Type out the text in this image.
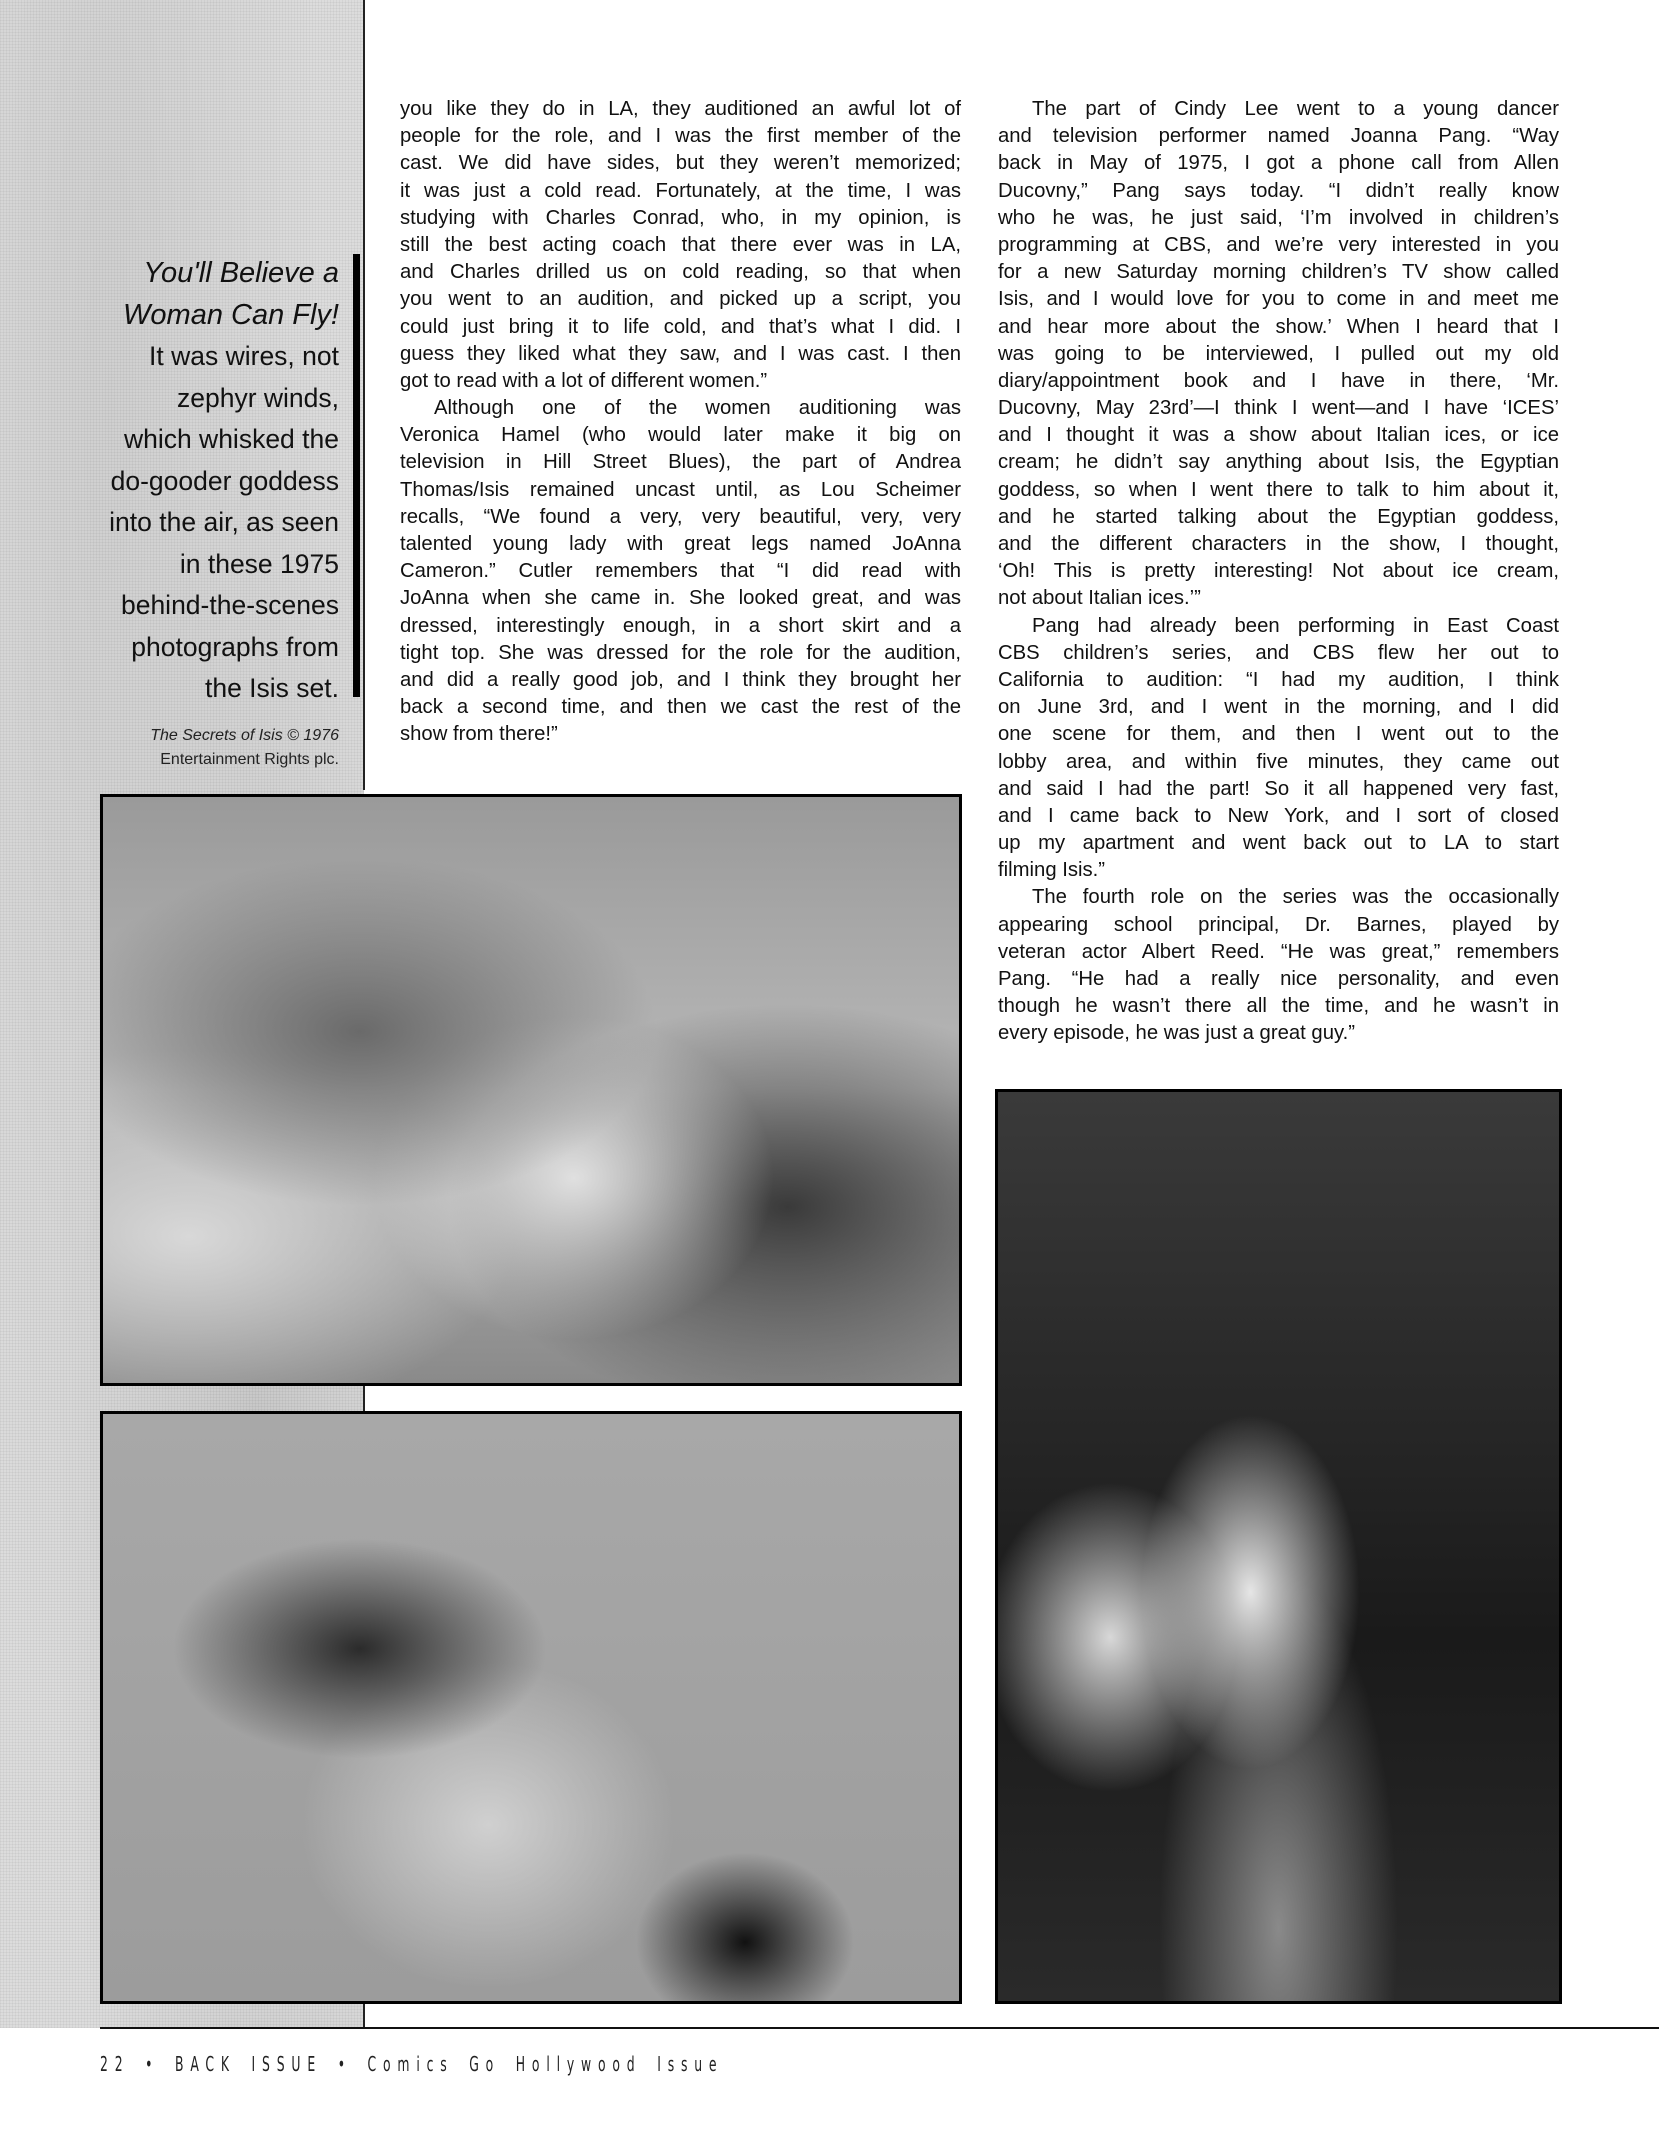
You'll Believe a
Woman Can Fly!
It was wires, not
zephyr winds,
which whisked the
do-gooder goddess
into the air, as seen
in these 1975
behind-the-scenes
photographs from
the Isis set.
The Secrets of Isis © 1976
Entertainment Rights plc.
you like they do in LA, they auditioned an awful lot of
people for the role, and I was the first member of the
cast. We did have sides, but they weren’t memorized;
it was just a cold read. Fortunately, at the time, I was
studying with Charles Conrad, who, in my opinion, is
still the best acting coach that there ever was in LA,
and Charles drilled us on cold reading, so that when
you went to an audition, and picked up a script, you
could just bring it to life cold, and that’s what I did. I
guess they liked what they saw, and I was cast. I then
got to read with a lot of different women.”
Although one of the women auditioning was
Veronica Hamel (who would later make it big on
television in Hill Street Blues), the part of Andrea
Thomas/Isis remained uncast until, as Lou Scheimer
recalls, “We found a very, very beautiful, very, very
talented young lady with great legs named JoAnna
Cameron.” Cutler remembers that “I did read with
JoAnna when she came in. She looked great, and was
dressed, interestingly enough, in a short skirt and a
tight top. She was dressed for the role for the audition,
and did a really good job, and I think they brought her
back a second time, and then we cast the rest of the
show from there!”
The part of Cindy Lee went to a young dancer
and television performer named Joanna Pang. “Way
back in May of 1975, I got a phone call from Allen
Ducovny,” Pang says today. “I didn’t really know
who he was, he just said, ‘I’m involved in children’s
programming at CBS, and we’re very interested in you
for a new Saturday morning children’s TV show called
Isis, and I would love for you to come in and meet me
and hear more about the show.’ When I heard that I
was going to be interviewed, I pulled out my old
diary/appointment book and I have in there, ‘Mr.
Ducovny, May 23rd’—I think I went—and I have ‘ICES’
and I thought it was a show about Italian ices, or ice
cream; he didn’t say anything about Isis, the Egyptian
goddess, so when I went there to talk to him about it,
and he started talking about the Egyptian goddess,
and the different characters in the show, I thought,
‘Oh! This is pretty interesting! Not about ice cream,
not about Italian ices.’”
Pang had already been performing in East Coast
CBS children’s series, and CBS flew her out to
California to audition: “I had my audition, I think
on June 3rd, and I went in the morning, and I did
one scene for them, and then I went out to the
lobby area, and within five minutes, they came out
and said I had the part! So it all happened very fast,
and I came back to New York, and I sort of closed
up my apartment and went back out to LA to start
filming Isis.”
The fourth role on the series was the occasionally
appearing school principal, Dr. Barnes, played by
veteran actor Albert Reed. “He was great,” remembers
Pang. “He had a really nice personality, and even
though he wasn’t there all the time, and he wasn’t in
every episode, he was just a great guy.”
22 • BACK ISSUE • Comics Go Hollywood Issue
